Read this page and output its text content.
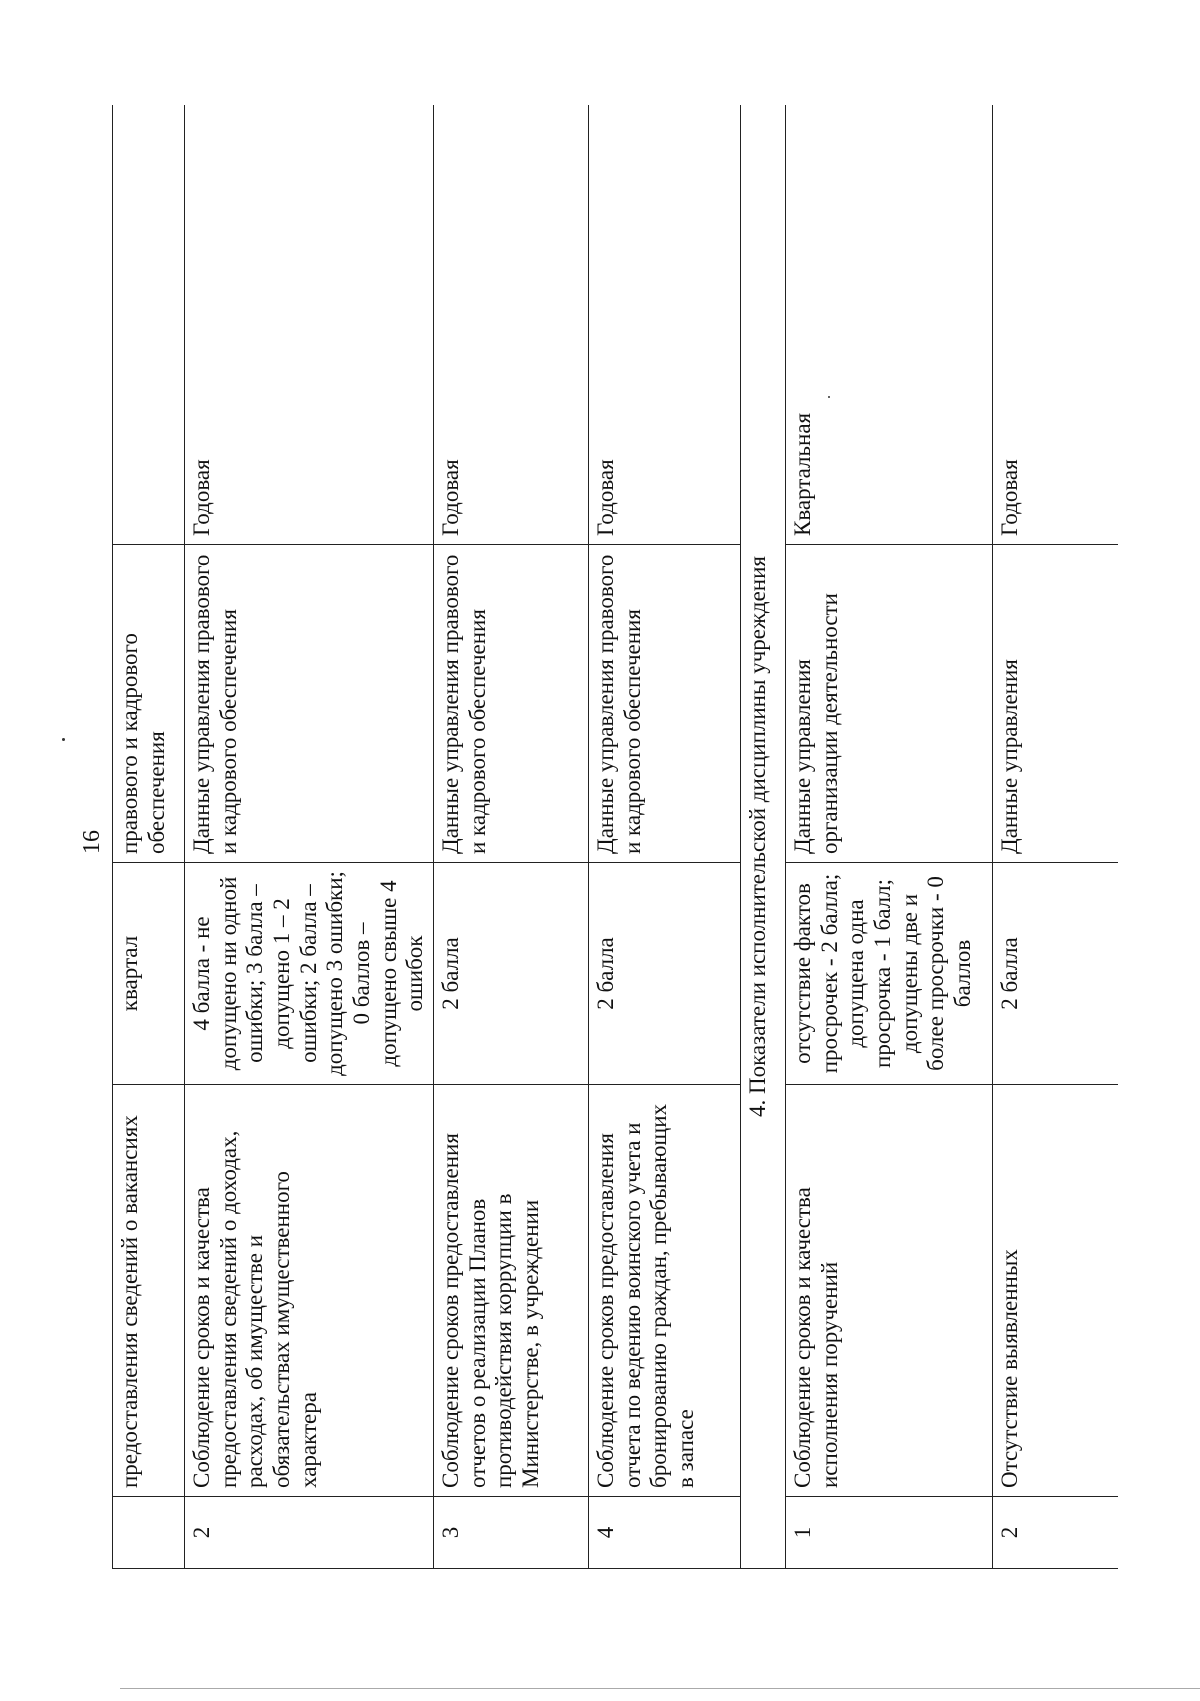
16
	предоставления сведений о вакансиях	квартал	правового и кадрового обеспечения	
2	Соблюдение сроков и качества предоставления сведений о доходах, расходах, об имуществе и обязательствах имущественного характера	4 балла - не допущено ни одной ошибки; 3 балла – допущено 1 – 2 ошибки; 2 балла – допущено 3 ошибки; 0 баллов – допущено свыше 4 ошибок	Данные управления правового и кадрового обеспечения	Годовая
3	Соблюдение сроков предоставления отчетов о реализации Планов противодействия коррупции в Министерстве, в учреждении	2 балла	Данные управления правового и кадрового обеспечения	Годовая
4	Соблюдение сроков предоставления отчета по ведению воинского учета и бронированию граждан, пребывающих в запасе	2 балла	Данные управления правового и кадрового обеспечения	Годовая
4. Показатели исполнительской дисциплины учреждения				
1	Соблюдение сроков и качества исполнения поручений	отсутствие фактов просрочек - 2 балла; допущена одна просрочка - 1 балл; допущены две и более просрочки - 0 баллов	Данные управления организации деятельности	Квартальная
2	Отсутствие выявленных	2 балла	Данные управления	Годовая
